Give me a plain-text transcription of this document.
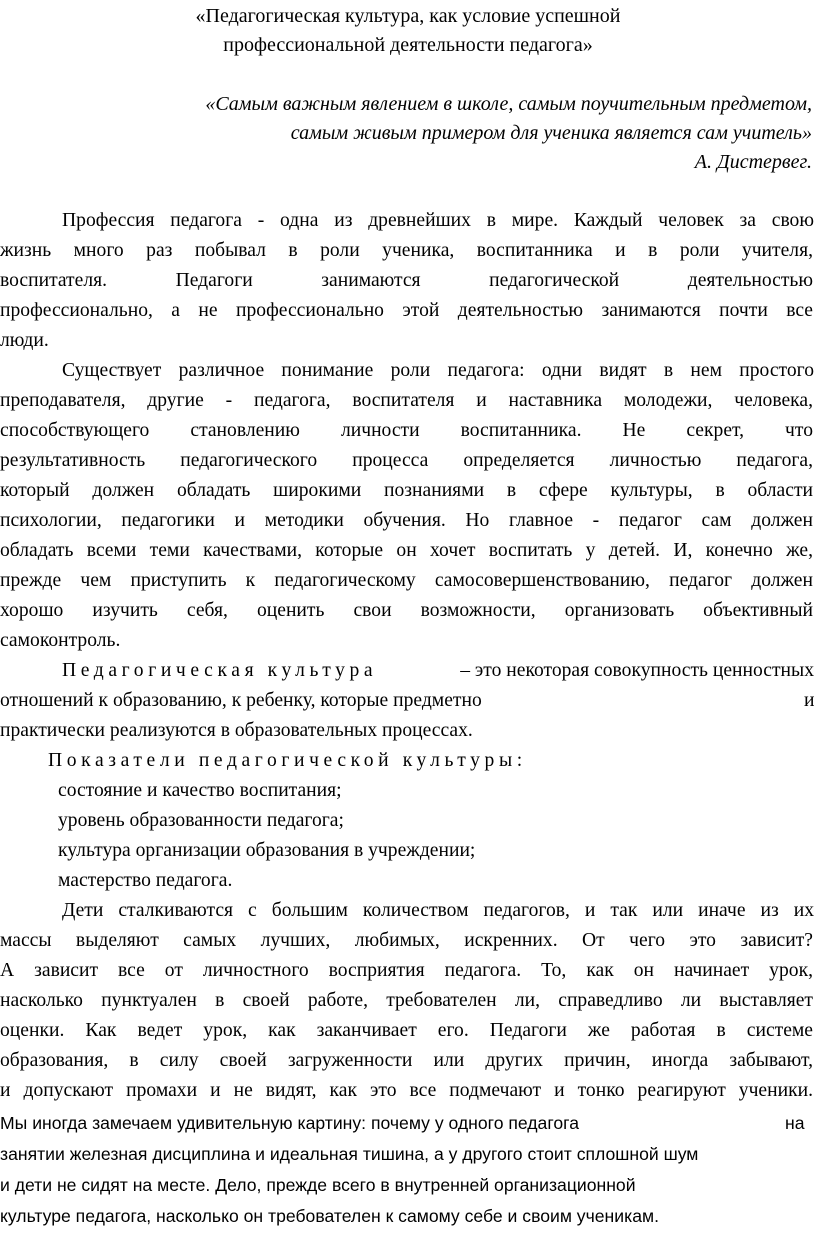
«Педагогическая культура, как условие успешной
профессиональной деятельности педагога»
«Самым важным явлением в школе, самым поучительным предметом,
самым живым примером для ученика является сам учитель»
А. Дистервег.
Профессия педагога - одна из древнейших в мире. Каждый человек за свою
жизнь много раз побывал в роли ученика, воспитанника и в роли учителя,
воспитателя. Педагоги занимаются педагогической деятельностью
профессионально, а не профессионально этой деятельностью занимаются почти все
люди.
Существует различное понимание роли педагога: одни видят в нем простого
преподавателя, другие - педагога, воспитателя и наставника молодежи, человека,
способствующего становлению личности воспитанника. Не секрет, что
результативность педагогического процесса определяется личностью педагога,
который должен обладать широкими познаниями в сфере культуры, в области
психологии, педагогики и методики обучения. Но главное - педагог сам должен
обладать всеми теми качествами, которые он хочет воспитать у детей. И, конечно же,
прежде чем приступить к педагогическому самосовершенствованию, педагог должен
хорошо изучить себя, оценить свои возможности, организовать объективный
самоконтроль.
Педагогическая культура	– это некоторая совокупность ценностных
отношений к образованию, к ребенку, которые предметно	и
практически реализуются в образовательных процессах.
Показатели педагогической культуры:
состояние и качество воспитания;
уровень образованности педагога;
культура организации образования в учреждении;
мастерство педагога.
Дети сталкиваются с большим количеством педагогов, и так или иначе из их
массы выделяют самых лучших, любимых, искренних. От чего это зависит?
А зависит все от личностного восприятия педагога. То, как он начинает урок,
насколько пунктуален в своей работе, требователен ли, справедливо ли выставляет
оценки. Как ведет урок, как заканчивает его. Педагоги же работая в системе
образования, в силу своей загруженности или других причин, иногда забывают,
и допускают промахи и не видят, как это все подмечают и тонко реагируют ученики.
Мы иногда замечаем удивительную картину: почему у одного педагога	на
занятии железная дисциплина и идеальная тишина, а у другого стоит сплошной шум
и дети не сидят на месте. Дело, прежде всего в внутренней организационной
культуре педагога, насколько он требователен к самому себе и своим ученикам.
